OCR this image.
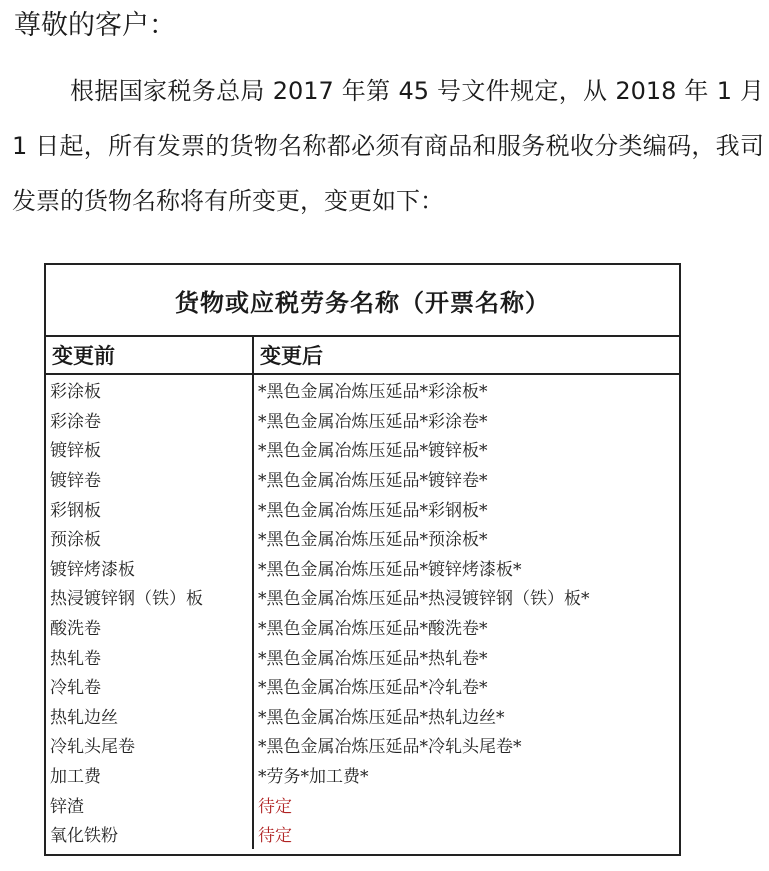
尊敬的客户：

根据国家税务总局 2017 年第 45 号文件规定，从 2018 年 1 月 1 日起，所有发票的货物名称都必须有商品和服务税收分类编码，我司发票的货物名称将有所变更，变更如下：

货物或应税劳务名称（开票名称）
变更前	变更后
彩涂板	*黑色金属冶炼压延品*彩涂板*
彩涂卷	*黑色金属冶炼压延品*彩涂卷*
镀锌板	*黑色金属冶炼压延品*镀锌板*
镀锌卷	*黑色金属冶炼压延品*镀锌卷*
彩钢板	*黑色金属冶炼压延品*彩钢板*
预涂板	*黑色金属冶炼压延品*预涂板*
镀锌烤漆板	*黑色金属冶炼压延品*镀锌烤漆板*
热浸镀锌钢（铁）板	*黑色金属冶炼压延品*热浸镀锌钢（铁）板*
酸洗卷	*黑色金属冶炼压延品*酸洗卷*
热轧卷	*黑色金属冶炼压延品*热轧卷*
冷轧卷	*黑色金属冶炼压延品*冷轧卷*
热轧边丝	*黑色金属冶炼压延品*热轧边丝*
冷轧头尾卷	*黑色金属冶炼压延品*冷轧头尾卷*
加工费	*劳务*加工费*
锌渣	待定
氧化铁粉	待定
